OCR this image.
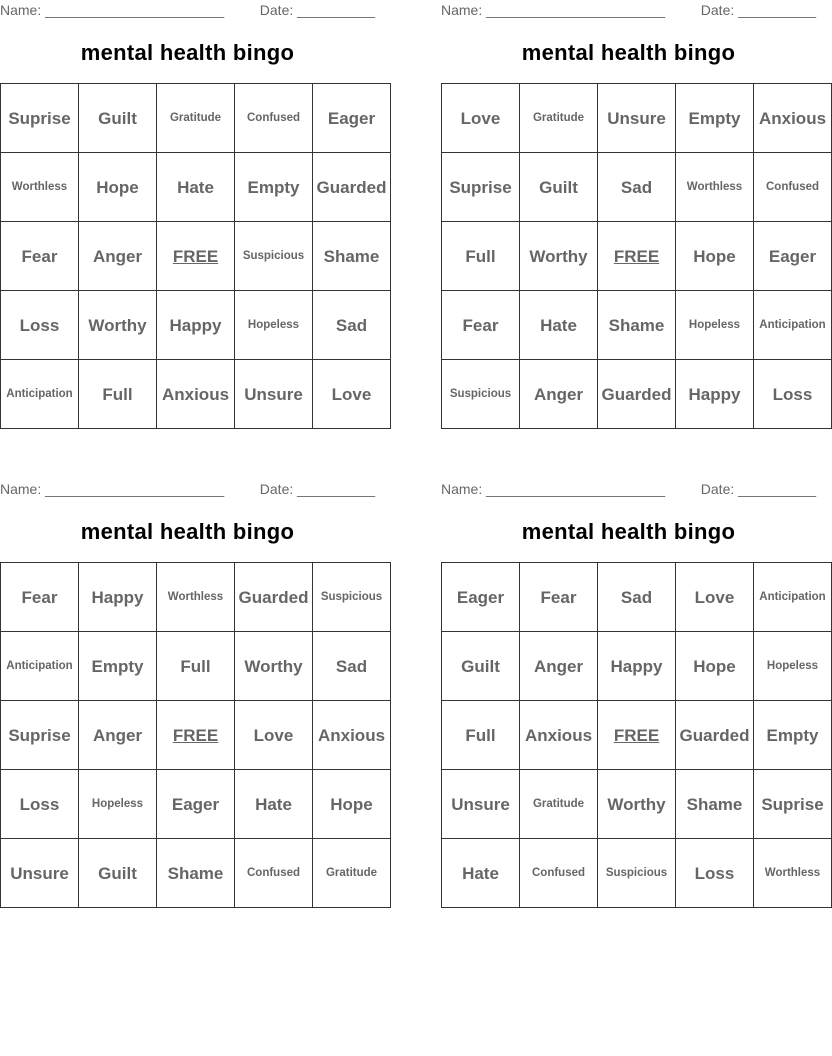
Name: _______________________	Date: __________
mental health bingo
Suprise	Guilt	Gratitude	Confused	Eager
Worthless	Hope	Hate	Empty	Guarded
Fear	Anger	FREE	Suspicious	Shame
Loss	Worthy	Happy	Hopeless	Sad
Anticipation	Full	Anxious	Unsure	Love
Name: _______________________	Date: __________
mental health bingo
Love	Gratitude	Unsure	Empty	Anxious
Suprise	Guilt	Sad	Worthless	Confused
Full	Worthy	FREE	Hope	Eager
Fear	Hate	Shame	Hopeless	Anticipation
Suspicious	Anger	Guarded	Happy	Loss
Name: _______________________	Date: __________
mental health bingo
Fear	Happy	Worthless	Guarded	Suspicious
Anticipation	Empty	Full	Worthy	Sad
Suprise	Anger	FREE	Love	Anxious
Loss	Hopeless	Eager	Hate	Hope
Unsure	Guilt	Shame	Confused	Gratitude
Name: _______________________	Date: __________
mental health bingo
Eager	Fear	Sad	Love	Anticipation
Guilt	Anger	Happy	Hope	Hopeless
Full	Anxious	FREE	Guarded	Empty
Unsure	Gratitude	Worthy	Shame	Suprise
Hate	Confused	Suspicious	Loss	Worthless
